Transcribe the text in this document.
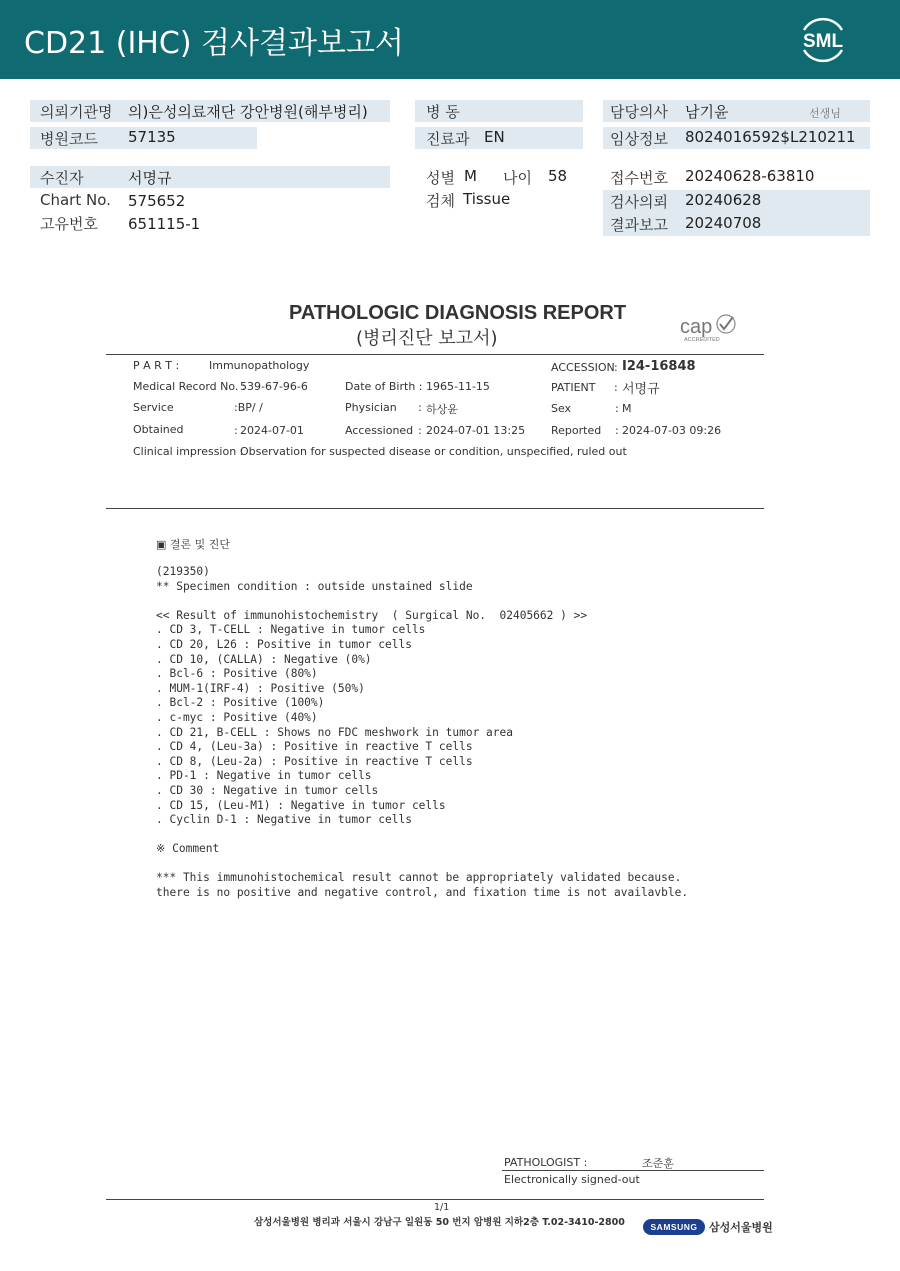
CD21 (IHC) 검사결과보고서	SML
의뢰기관명 의)은성의료재단 강안병원(해부병리)
병원코드 57135
병 동
진료과 EN
담당의사 남기윤	선생님
임상정보 8024016592$L210211
수진자	서명규
Chart No. 575652
고유번호 651115-1
성별 M 나이 58
검체 Tissue
접수번호 20240628-63810
검사의뢰 20240628
결과보고 20240708
PATHOLOGIC DIAGNOSIS REPORT
(병리진단 보고서)
cap
ACCREDITED
P A R T :	Immunopathology	ACCESSION : I24-16848
Medical Record No. :
539-67-96-6	Date of Birth : 1965-11-15	PATIENT : 서명규
Service	:BP/ /	Physician : 하상윤	Sex	: M
Obtained	: 2024-07-01	Accessioned : 2024-07-01 13:25 Reported : 2024-07-03 09:26
Clinical impression :
Observation for suspected disease or condition, unspecified, ruled out
▣ 결론 및 진단
(219350)
** Specimen condition : outside unstained slide

<< Result of immunohistochemistry  ( Surgical No.  02405662 ) >>
. CD 3, T-CELL : Negative in tumor cells
. CD 20, L26 : Positive in tumor cells
. CD 10, (CALLA) : Negative (0%)
. Bcl-6 : Positive (80%)
. MUM-1(IRF-4) : Positive (50%)
. Bcl-2 : Positive (100%)
. c-myc : Positive (40%)
. CD 21, B-CELL : Shows no FDC meshwork in tumor area
. CD 4, (Leu-3a) : Positive in reactive T cells
. CD 8, (Leu-2a) : Positive in reactive T cells
. PD-1 : Negative in tumor cells
. CD 30 : Negative in tumor cells
. CD 15, (Leu-M1) : Negative in tumor cells
. Cyclin D-1 : Negative in tumor cells

※ Comment

*** This immunohistochemical result cannot be appropriately validated because.
there is no positive and negative control, and fixation time is not availavble.
PATHOLOGIST :	조준훈
Electronically signed-out
1/1
삼성서울병원 병리과 서울시 강남구 일원동 50 번지 암병원 지하2층 T.02-3410-2800	SAMSUNG	삼성서울병원
